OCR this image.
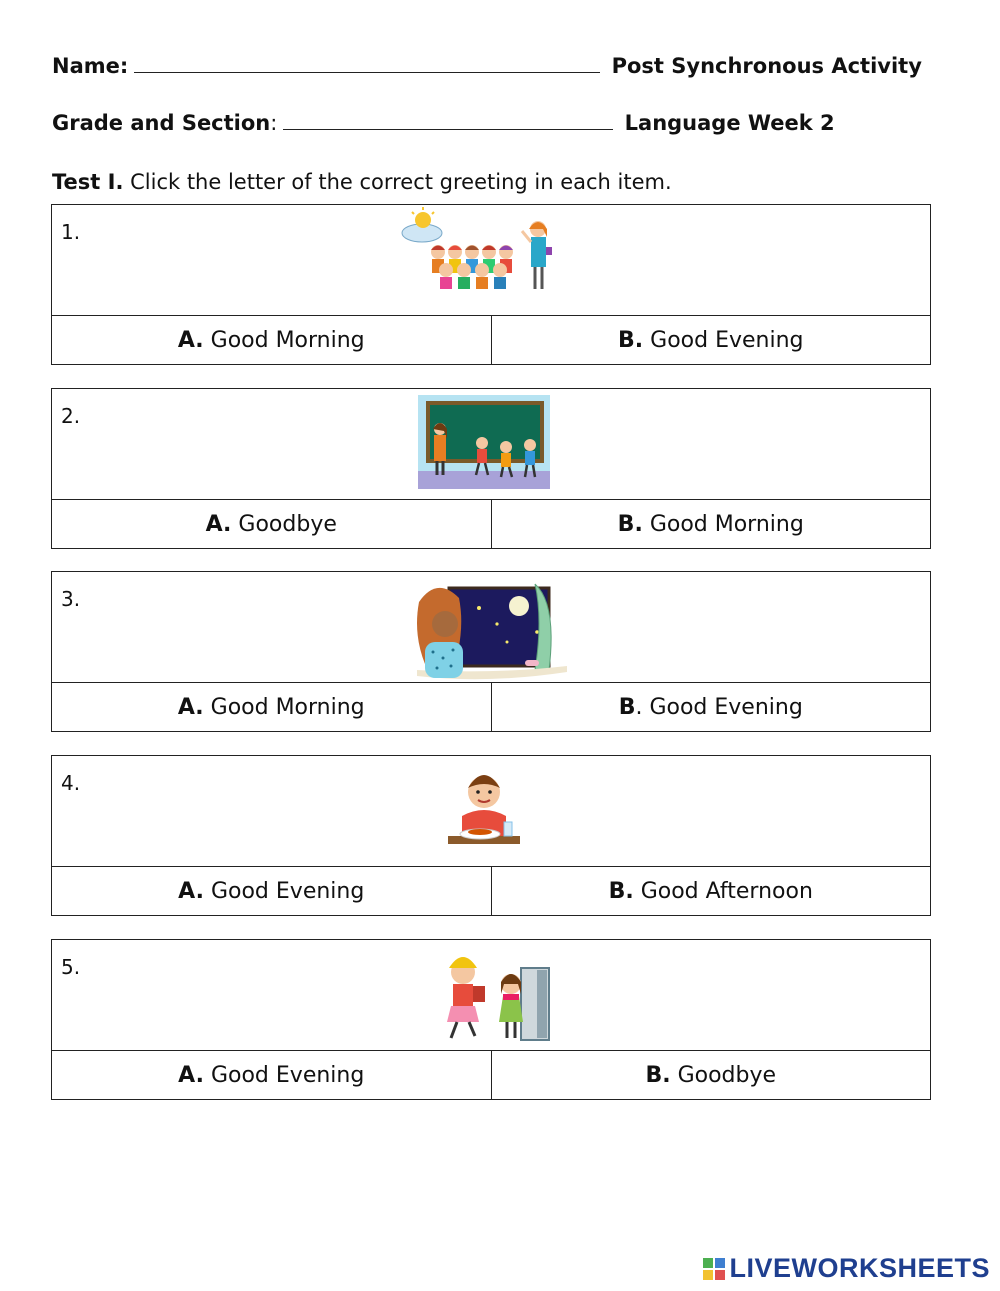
Name:	Post Synchronous Activity
Grade and Section:	Language Week 2
Test I. Click the letter of the correct greeting in each item.
1.
A. Good Morning	B. Good Evening
2.
A. Goodbye	B. Good Morning
3.
A. Good Morning	B . Good Evening
4.
A. Good Evening	B. Good Afternoon
5.
A. Good Evening	B. Goodbye
LIVEWORKSHEETS
